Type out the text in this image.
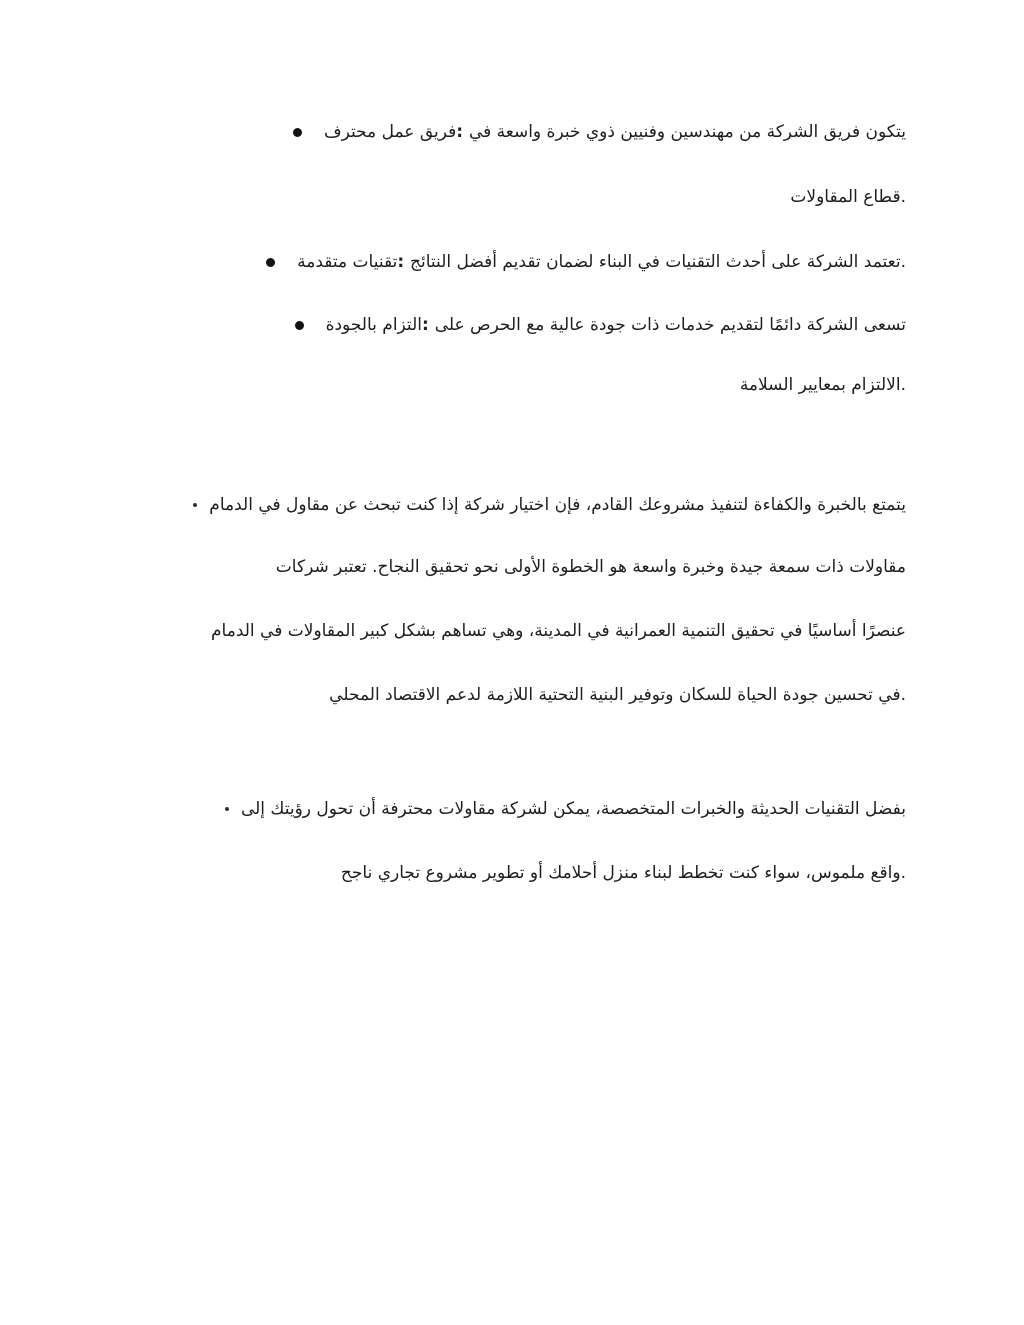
يتكون فريق الشركة من مهندسين وفنيين ذوي خبرة واسعة في :فريق عمل محترف
.قطاع المقاولات
.تعتمد الشركة على أحدث التقنيات في البناء لضمان تقديم أفضل النتائج :تقنيات متقدمة
تسعى الشركة دائمًا لتقديم خدمات ذات جودة عالية مع الحرص على :التزام بالجودة
.الالتزام بمعايير السلامة
يتمتع بالخبرة والكفاءة لتنفيذ مشروعك القادم، فإن اختيار شركة إذا كنت تبحث عن مقاول في الدمام
مقاولات ذات سمعة جيدة وخبرة واسعة هو الخطوة الأولى نحو تحقيق النجاح. تعتبر شركات
عنصرًا أساسيًا في تحقيق التنمية العمرانية في المدينة، وهي تساهم بشكل كبير المقاولات في الدمام
.في تحسين جودة الحياة للسكان وتوفير البنية التحتية اللازمة لدعم الاقتصاد المحلي
بفضل التقنيات الحديثة والخبرات المتخصصة، يمكن لشركة مقاولات محترفة أن تحول رؤيتك إلى
.واقع ملموس، سواء كنت تخطط لبناء منزل أحلامك أو تطوير مشروع تجاري ناجح
